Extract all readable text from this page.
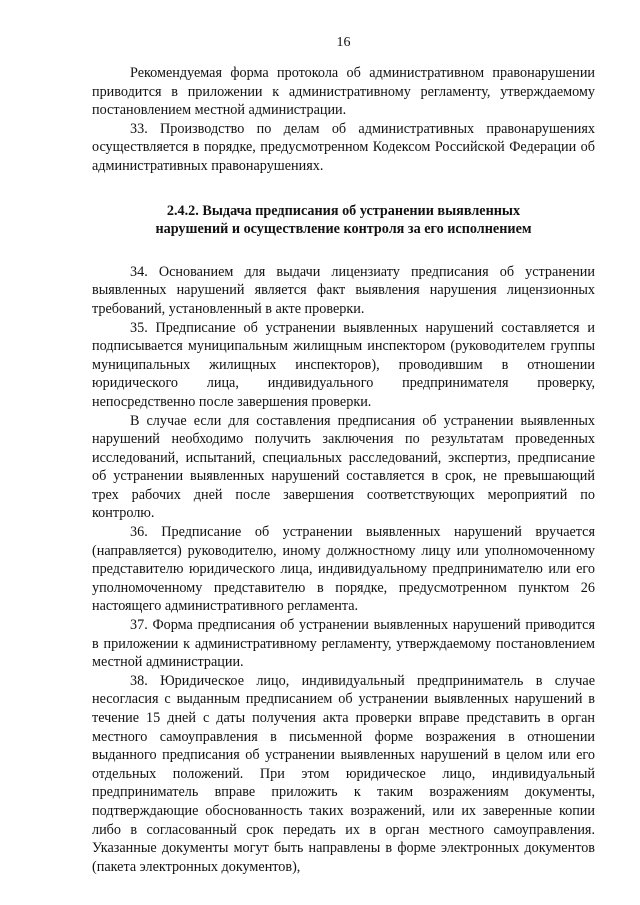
16

Рекомендуемая форма протокола об административном правонарушении приводится в приложении к административному регламенту, утверждаемому постановлением местной администрации.

33. Производство по делам об административных правонарушениях осуществляется в порядке, предусмотренном Кодексом Российской Федерации об административных правонарушениях.

2.4.2. Выдача предписания об устранении выявленных
нарушений и осуществление контроля за его исполнением

34. Основанием для выдачи лицензиату предписания об устранении выявленных нарушений является факт выявления нарушения лицензионных требований, установленный в акте проверки.

35. Предписание об устранении выявленных нарушений составляется и подписывается муниципальным жилищным инспектором (руководителем группы муниципальных жилищных инспекторов), проводившим в отношении юридического лица, индивидуального предпринимателя проверку, непосредственно после завершения проверки.

В случае если для составления предписания об устранении выявленных нарушений необходимо получить заключения по результатам проведенных исследований, испытаний, специальных расследований, экспертиз, предписание об устранении выявленных нарушений составляется в срок, не превышающий трех рабочих дней после завершения соответствующих мероприятий по контролю.

36. Предписание об устранении выявленных нарушений вручается (направляется) руководителю, иному должностному лицу или уполномоченному представителю юридического лица, индивидуальному предпринимателю или его уполномоченному представителю в порядке, предусмотренном пунктом 26 настоящего административного регламента.

37. Форма предписания об устранении выявленных нарушений приводится в приложении к административному регламенту, утверждаемому постановлением местной администрации.

38. Юридическое лицо, индивидуальный предприниматель в случае несогласия с выданным предписанием об устранении выявленных нарушений в течение 15 дней с даты получения акта проверки вправе представить в орган местного самоуправления в письменной форме возражения в отношении выданного предписания об устранении выявленных нарушений в целом или его отдельных положений. При этом юридическое лицо, индивидуальный предприниматель вправе приложить к таким возражениям документы, подтверждающие обоснованность таких возражений, или их заверенные копии либо в согласованный срок передать их в орган местного самоуправления. Указанные документы могут быть направлены в форме электронных документов (пакета электронных документов),
